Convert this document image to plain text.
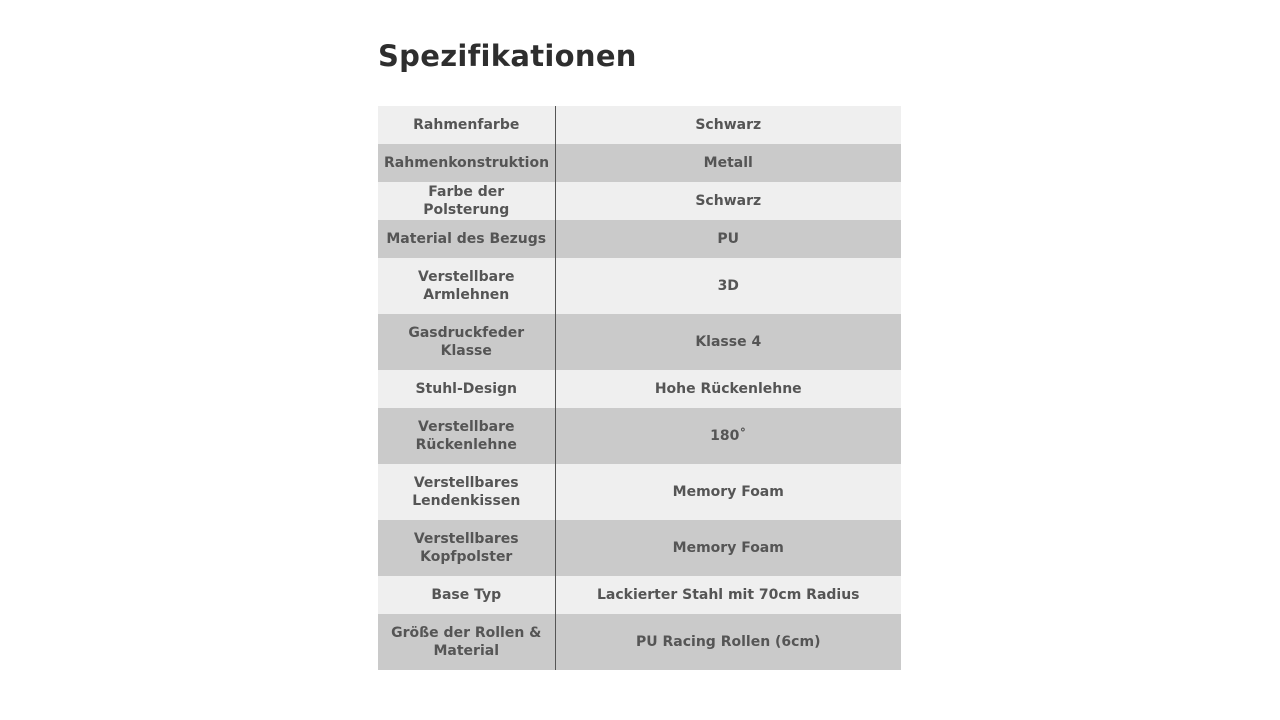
Spezifikationen
Rahmenfarbe	Schwarz
Rahmenkonstruktion	Metall
Farbe der Polsterung	Schwarz
Material des Bezugs	PU
Verstellbare Armlehnen	3D
Gasdruckfeder Klasse	Klasse 4
Stuhl-Design	Hohe Rückenlehne
Verstellbare Rückenlehne	180˚
Verstellbares Lendenkissen	Memory Foam
Verstellbares Kopfpolster	Memory Foam
Base Typ	Lackierter Stahl mit 70cm Radius
Größe der Rollen & Material	PU Racing Rollen (6cm)
